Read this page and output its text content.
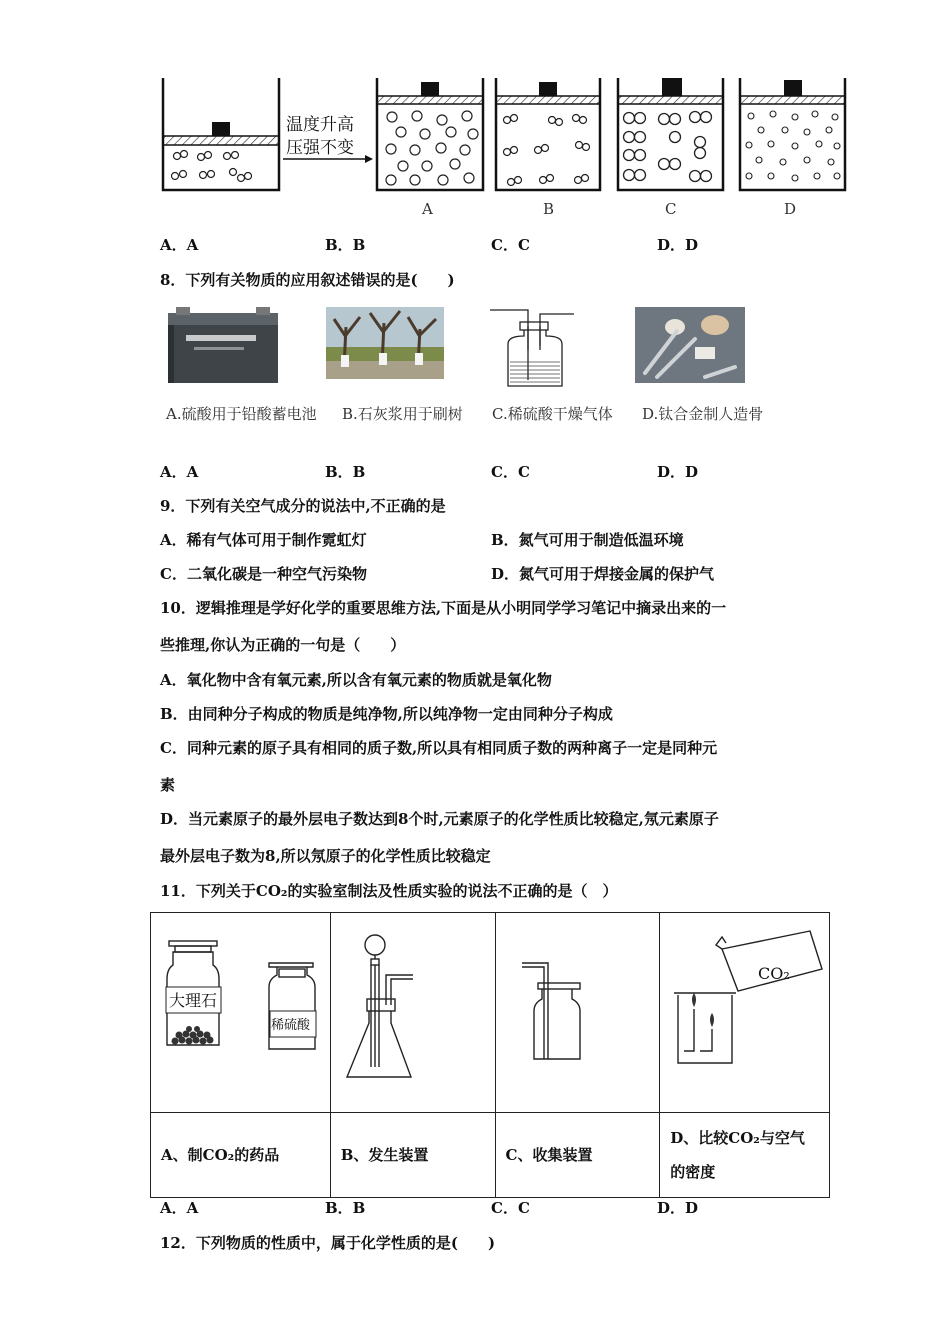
温度升高
压强不变
A	B	C	D
A．A	B．B	C．C	D．D
8．下列有关物质的应用叙述错误的是(　　)
A.硫酸用于铅酸蓄电池 B.石灰浆用于刷树 C.稀硫酸干燥气体 D.钛合金制人造骨
A．A	B．B	C．C	D．D
9．下列有关空气成分的说法中,不正确的是
A．稀有气体可用于制作霓虹灯	B．氮气可用于制造低温环境
C．二氧化碳是一种空气污染物	D．氮气可用于焊接金属的保护气
10．逻辑推理是学好化学的重要思维方法,下面是从小明同学学习笔记中摘录出来的一
些推理,你认为正确的一句是（　　）
A．氧化物中含有氧元素,所以含有氧元素的物质就是氧化物
B．由同种分子构成的物质是纯净物,所以纯净物一定由同种分子构成
C．同种元素的原子具有相同的质子数,所以具有相同质子数的两种离子一定是同种元
素
D．当元素原子的最外层电子数达到8个时,元素原子的化学性质比较稳定,氖元素原子
最外层电子数为8,所以氖原子的化学性质比较稳定
11．下列关于CO₂的实验室制法及性质实验的说法不正确的是（　）
大理石
稀硫酸			CO₂

A、制CO₂的药品	B、发生装置	C、收集装置	D、比较CO₂与空气
的密度
A．A	B．B	C．C	D．D
12．下列物质的性质中，属于化学性质的是(　　)
